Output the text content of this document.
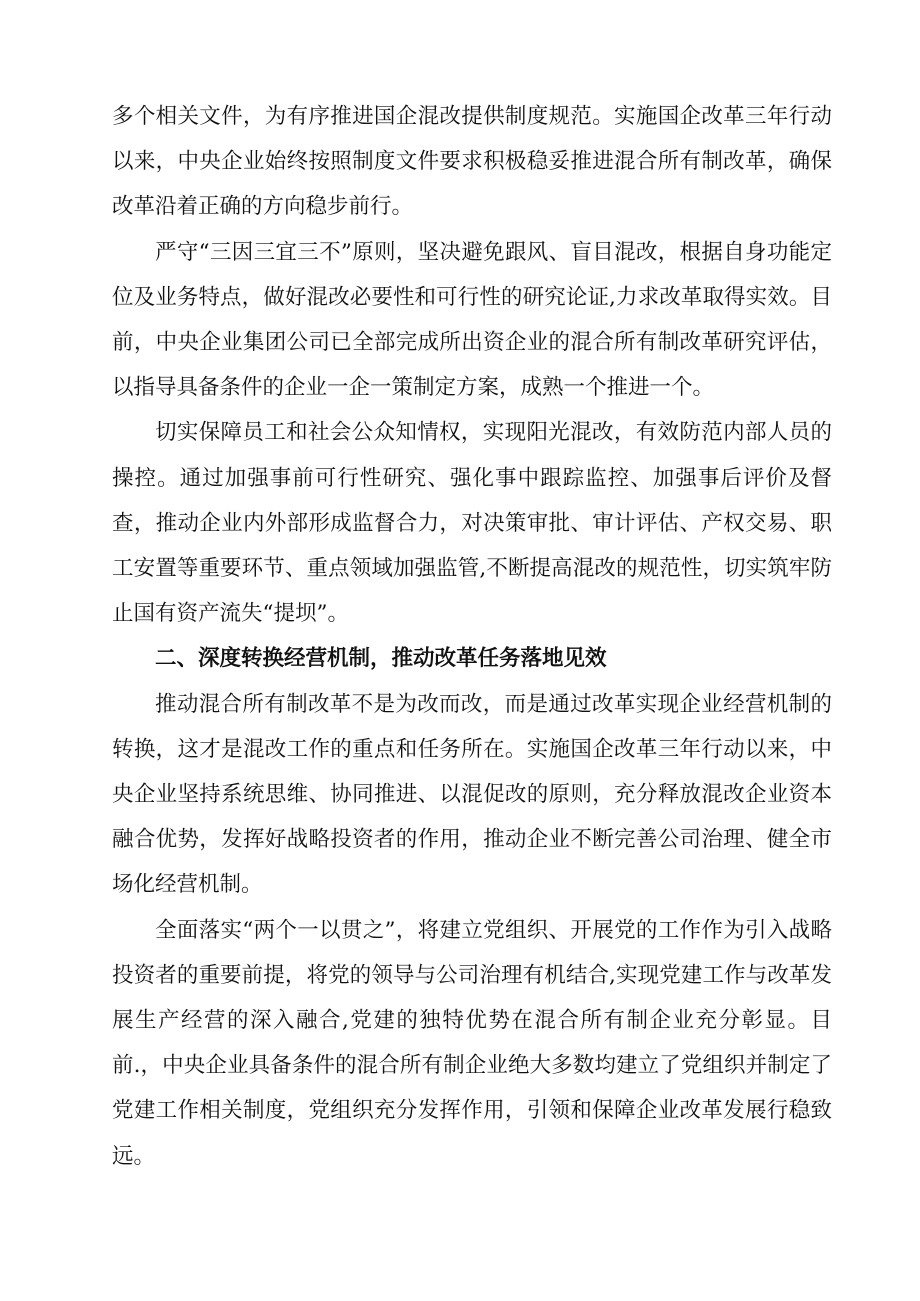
多个相关文件，为有序推进国企混改提供制度规范。实施国企改革三年行动以来，中央企业始终按照制度文件要求积极稳妥推进混合所有制改革，确保改革沿着正确的方向稳步前行。

严守“三因三宜三不”原则，坚决避免跟风、盲目混改，根据自身功能定位及业务特点，做好混改必要性和可行性的研究论证,力求改革取得实效。目前，中央企业集团公司已全部完成所出资企业的混合所有制改革研究评估，以指导具备条件的企业一企一策制定方案，成熟一个推进一个。

切实保障员工和社会公众知情权，实现阳光混改，有效防范内部人员的操控。通过加强事前可行性研究、强化事中跟踪监控、加强事后评价及督查，推动企业内外部形成监督合力，对决策审批、审计评估、产权交易、职工安置等重要环节、重点领域加强监管,不断提高混改的规范性，切实筑牢防止国有资产流失“提坝”。

二、深度转换经营机制，推动改革任务落地见效

推动混合所有制改革不是为改而改，而是通过改革实现企业经营机制的转换，这才是混改工作的重点和任务所在。实施国企改革三年行动以来，中央企业坚持系统思维、协同推进、以混促改的原则，充分释放混改企业资本融合优势，发挥好战略投资者的作用，推动企业不断完善公司治理、健全市场化经营机制。

全面落实“两个一以贯之”，将建立党组织、开展党的工作作为引入战略投资者的重要前提，将党的领导与公司治理有机结合,实现党建工作与改革发展生产经营的深入融合,党建的独特优势在混合所有制企业充分彰显。目前.，中央企业具备条件的混合所有制企业绝大多数均建立了党组织并制定了党建工作相关制度，党组织充分发挥作用，引领和保障企业改革发展行稳致远。
